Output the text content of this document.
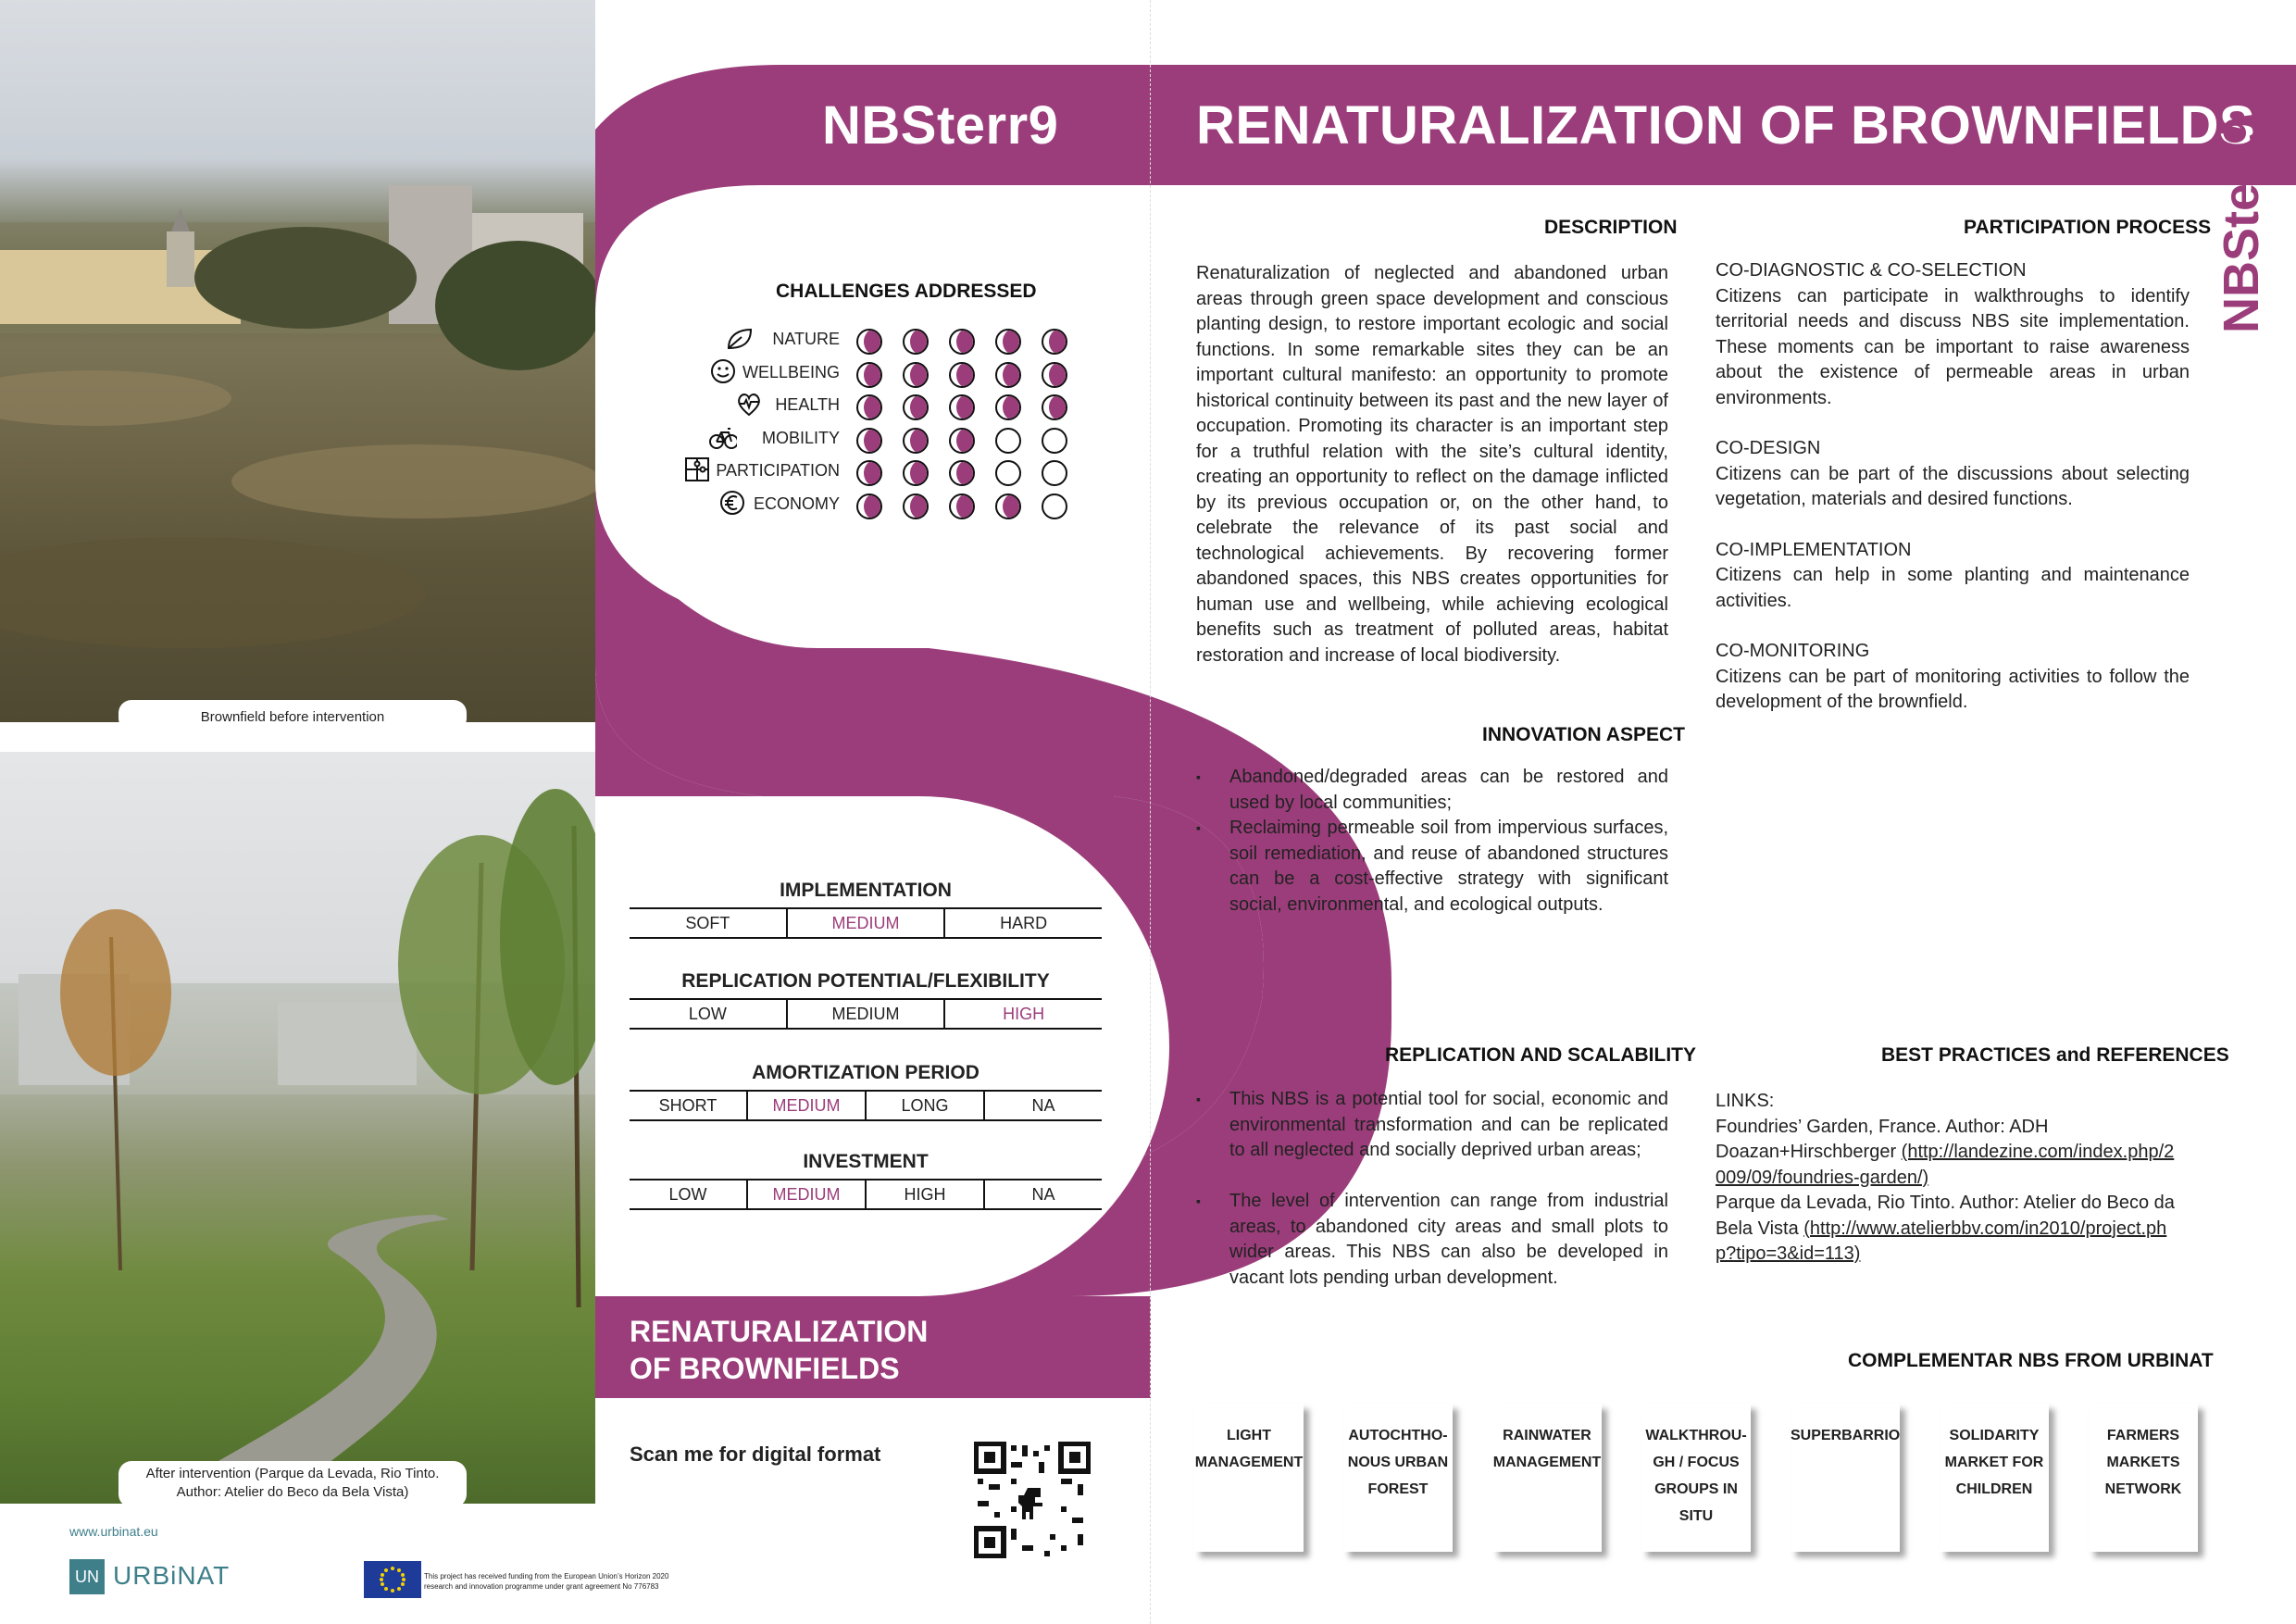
Brownfield before intervention
After intervention (Parque da Levada, Rio Tinto.
Author: Atelier do Beco da Bela Vista)
NBSterr9	RENATURALIZATION OF BROWNFIELDS
RENATURALIZATION
OF BROWNFIELDS
NBSterr9
CHALLENGES ADDRESSED
NATURE
WELLBEING
HEALTH
MOBILITY
PARTICIPATION
ECONOMY
IMPLEMENTATION
SOFT	MEDIUM	HARD
REPLICATION POTENTIAL/FLEXIBILITY
LOW	MEDIUM	HIGH
AMORTIZATION PERIOD
SHORT	MEDIUM	LONG	NA
INVESTMENT
LOW	MEDIUM	HIGH	NA
DESCRIPTION
Renaturalization of neglected and abandoned urban areas through green space development and conscious planting design, to restore important ecologic and social functions. In some remarkable sites they can be an important cultural manifesto: an opportunity to promote historical continuity between its past and the new layer of occupation. Promoting its character is an important step for a truthful relation with the site’s cultural identity, creating an opportunity to reflect on the damage inflicted by its previous occupation or, on the other hand, to celebrate the relevance of its past social and technological achievements. By recovering former abandoned spaces, this NBS creates opportunities for human use and wellbeing, while achieving ecological benefits such as treatment of polluted areas, habitat restoration and increase of local biodiversity.
INNOVATION ASPECT
▪ Abandoned/degraded areas can be restored and used by local communities;
▪ Reclaiming permeable soil from impervious surfaces, soil remediation, and reuse of abandoned structures can be a cost-effective strategy with significant social, environmental, and ecological outputs.
REPLICATION AND SCALABILITY
▪ This NBS is a potential tool for social, economic and environmental transformation and can be replicated to all neglected and socially deprived urban areas;
▪ The level of intervention can range from industrial areas, to abandoned city areas and small plots to wider areas. This NBS can also be developed in vacant lots pending urban development.
PARTICIPATION PROCESS
CO-DIAGNOSTIC & CO-SELECTION
Citizens can participate in walkthroughs to identify territorial needs and discuss NBS site implementation. These moments can be important to raise awareness about the existence of permeable areas in urban environments.
CO-DESIGN
Citizens can be part of the discussions about selecting vegetation, materials and desired functions.
CO-IMPLEMENTATION
Citizens can help in some planting and maintenance activities.
CO-MONITORING
Citizens can be part of monitoring activities to follow the development of the brownfield.
BEST PRACTICES and REFERENCES
LINKS:
Foundries’ Garden, France. Author: ADH Doazan+Hirschberger (http://landezine.com/index.php/2009/09/foundries-garden/)
Parque da Levada, Rio Tinto. Author: Atelier do Beco da Bela Vista (http://www.atelierbbv.com/in2010/project.php?tipo=3&id=113)
COMPLEMENTAR NBS FROM URBINAT
LIGHT MANAGEMENT
AUTOCHTHO-NOUS URBAN FOREST
RAINWATER MANAGEMENT
WALKTHROU-GH / FOCUS GROUPS IN SITU
SUPERBARRIO	SOLIDARITY MARKET FOR CHILDREN
FARMERS MARKETS NETWORK
Scan me for digital format
www.urbinat.eu
UN URBiNAT	This project has received funding from the European Union’s Horizon 2020
research and innovation programme under grant agreement No 776783
